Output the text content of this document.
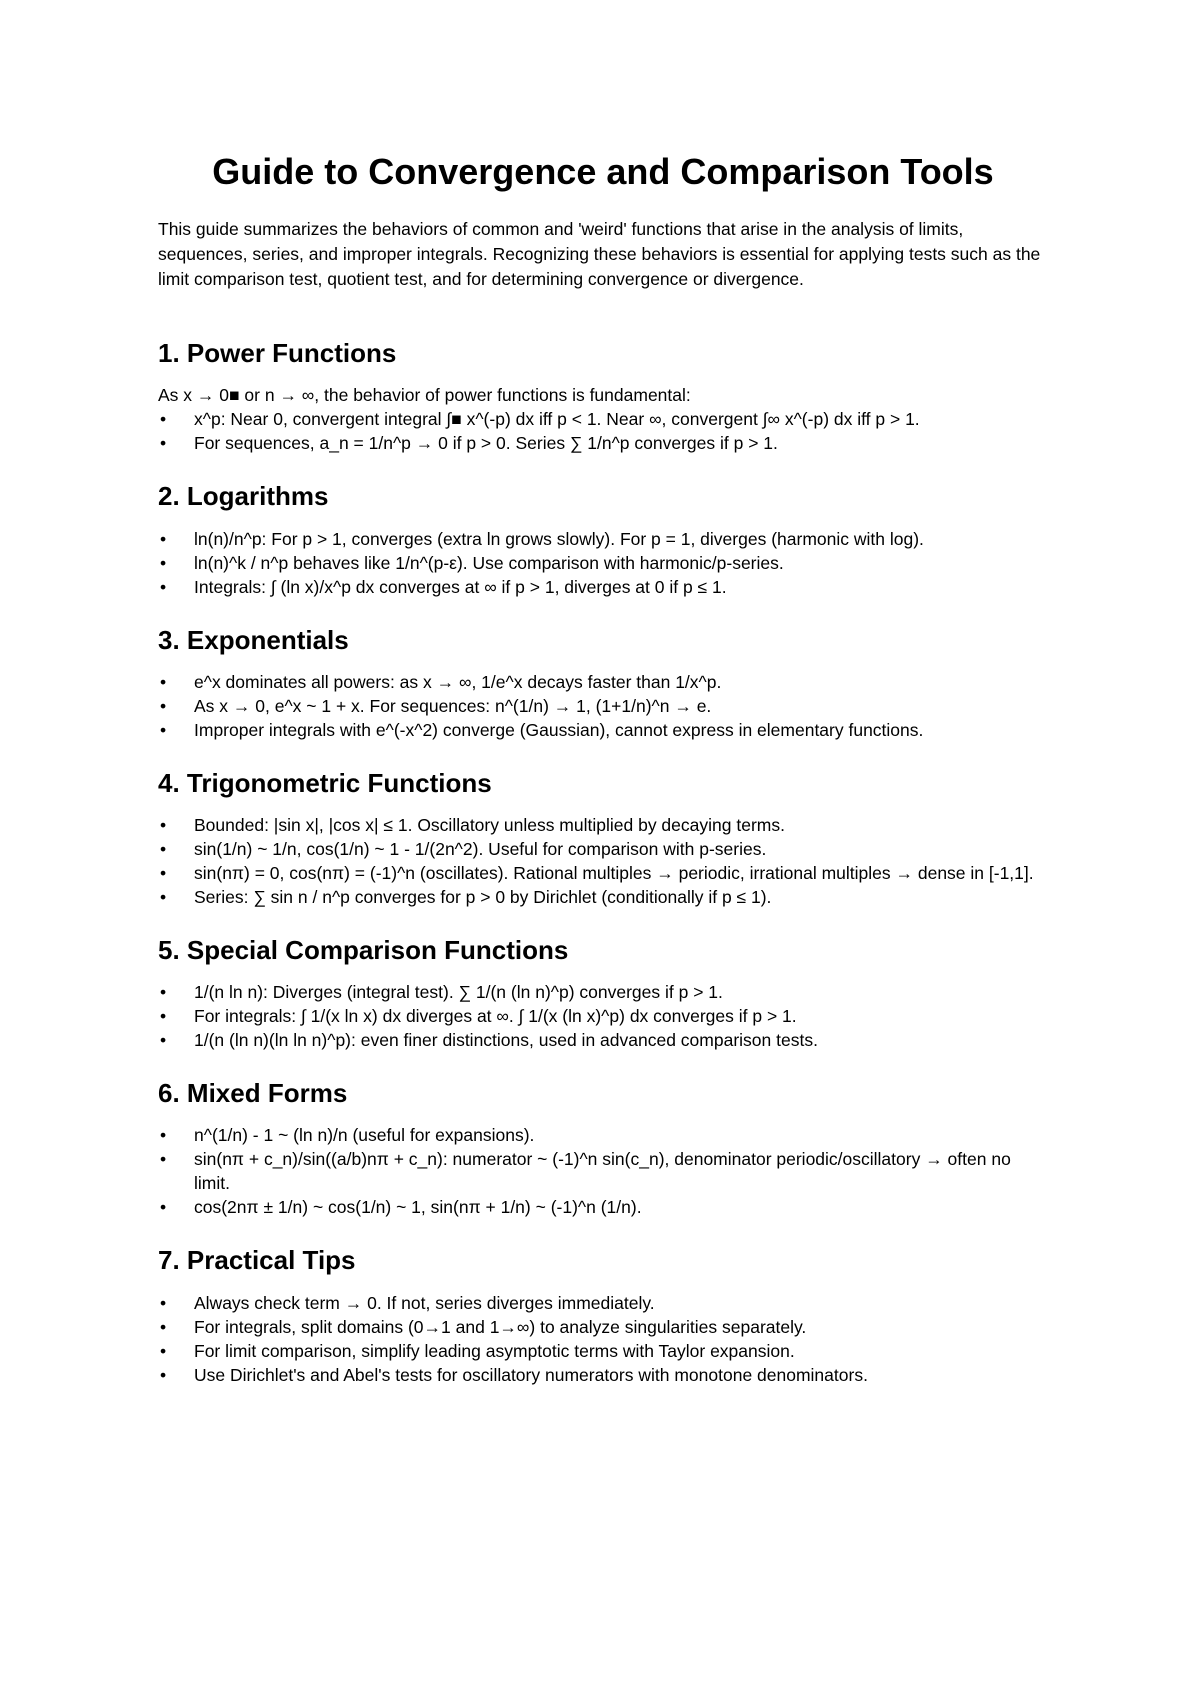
Guide to Convergence and Comparison Tools

This guide summarizes the behaviors of common and 'weird' functions that arise in the analysis of limits, sequences, series, and improper integrals. Recognizing these behaviors is essential for applying tests such as the limit comparison test, quotient test, and for determining convergence or divergence.

1. Power Functions

As x → 0■ or n → ∞, the behavior of power functions is fundamental:

• x^p: Near 0, convergent integral ∫■ x^(-p) dx iff p < 1. Near ∞, convergent ∫∞ x^(-p) dx iff p > 1.
• For sequences, a_n = 1/n^p → 0 if p > 0. Series ∑ 1/n^p converges if p > 1.
2. Logarithms
• ln(n)/n^p: For p > 1, converges (extra ln grows slowly). For p = 1, diverges (harmonic with log).
• ln(n)^k / n^p behaves like 1/n^(p-ε). Use comparison with harmonic/p-series.
• Integrals: ∫ (ln x)/x^p dx converges at ∞ if p > 1, diverges at 0 if p ≤ 1.
3. Exponentials
• e^x dominates all powers: as x → ∞, 1/e^x decays faster than 1/x^p.
• As x → 0, e^x ~ 1 + x. For sequences: n^(1/n) → 1, (1+1/n)^n → e.
• Improper integrals with e^(-x^2) converge (Gaussian), cannot express in elementary functions.
4. Trigonometric Functions
• Bounded: |sin x|, |cos x| ≤ 1. Oscillatory unless multiplied by decaying terms.
• sin(1/n) ~ 1/n, cos(1/n) ~ 1 - 1/(2n^2). Useful for comparison with p-series.
• sin(nπ) = 0, cos(nπ) = (-1)^n (oscillates). Rational multiples → periodic, irrational multiples → dense in [-1,1].
• Series: ∑ sin n / n^p converges for p > 0 by Dirichlet (conditionally if p ≤ 1).
5. Special Comparison Functions
• 1/(n ln n): Diverges (integral test). ∑ 1/(n (ln n)^p) converges if p > 1.
• For integrals: ∫ 1/(x ln x) dx diverges at ∞. ∫ 1/(x (ln x)^p) dx converges if p > 1.
• 1/(n (ln n)(ln ln n)^p): even finer distinctions, used in advanced comparison tests.
6. Mixed Forms
• n^(1/n) - 1 ~ (ln n)/n (useful for expansions).
• sin(nπ + c_n)/sin((a/b)nπ + c_n): numerator ~ (-1)^n sin(c_n), denominator periodic/oscillatory → often no limit.
• cos(2nπ ± 1/n) ~ cos(1/n) ~ 1, sin(nπ + 1/n) ~ (-1)^n (1/n).
7. Practical Tips
• Always check term → 0. If not, series diverges immediately.
• For integrals, split domains (0→1 and 1→∞) to analyze singularities separately.
• For limit comparison, simplify leading asymptotic terms with Taylor expansion.
• Use Dirichlet's and Abel's tests for oscillatory numerators with monotone denominators.
